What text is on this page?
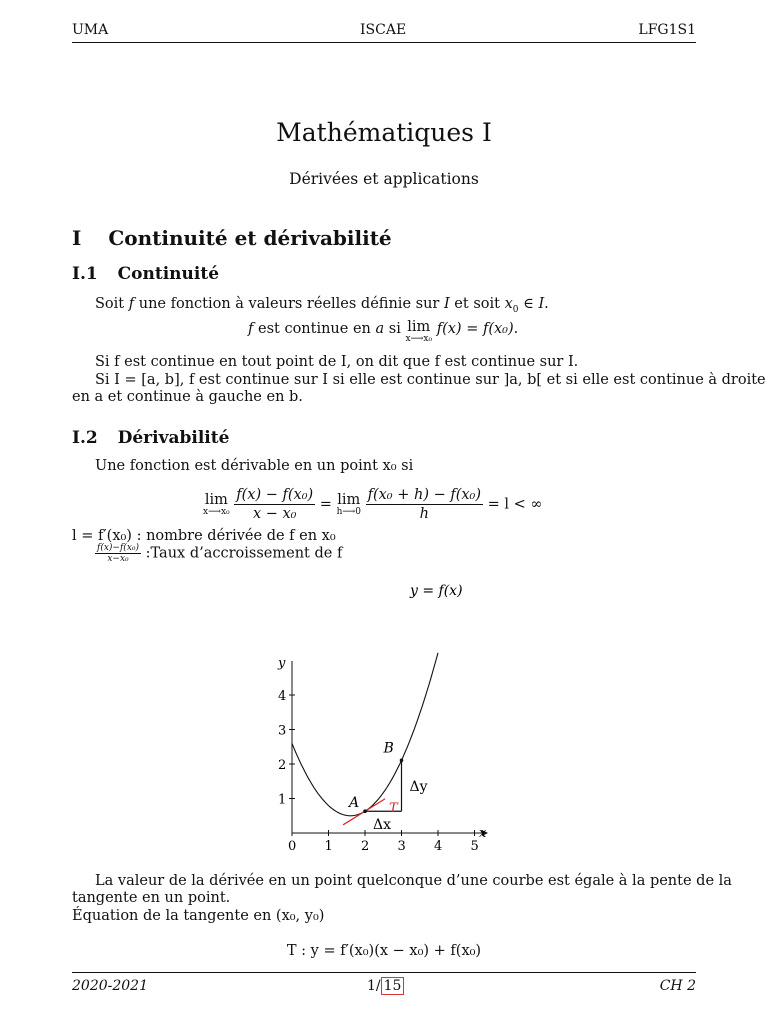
UMA	ISCAE	LFG1S1
Mathématiques I
Dérivées et applications
I Continuité et dérivabilité
I.1 Continuité
Soit f une fonction à valeurs réelles définie sur I et soit $x_0$ ∈ I.
f est continue en a si lim
x⟶x₀
f(x) = f(x₀).
Si f est continue en tout point de I, on dit que f est continue sur I.
Si I = [a, b], f est continue sur I si elle est continue sur ]a, b[ et si elle est continue à droite
en a et continue à gauche en b.
I.2 Dérivabilité
Une fonction est dérivable en un point x₀ si
lim
x⟶x₀
$\frac{\text{f(x) − f(x₀)}}{\text{x − x₀}} = \lim$
h⟶0
$\frac{\text{f(x₀ + h) − f(x₀)}}{h} = l$ < ∞
l = f′(x₀) : nombre dérivée de f en x₀
$\frac{\text{f(x)−f(x₀)}}{\text{x−x₀}}$ :Taux d’accroissement de f
y = f(x)
x
y
0 1 2 3 4 5
1
2
3
4
A
B
T
Δx
Δy
La valeur de la dérivée en un point quelconque d’une courbe est égale à la pente de la
tangente en un point.
Équation de la tangente en (x₀, y₀)
T : y = f′(x₀)(x − x₀) + f(x₀)
2020-2021	1/ 15	CH 2
